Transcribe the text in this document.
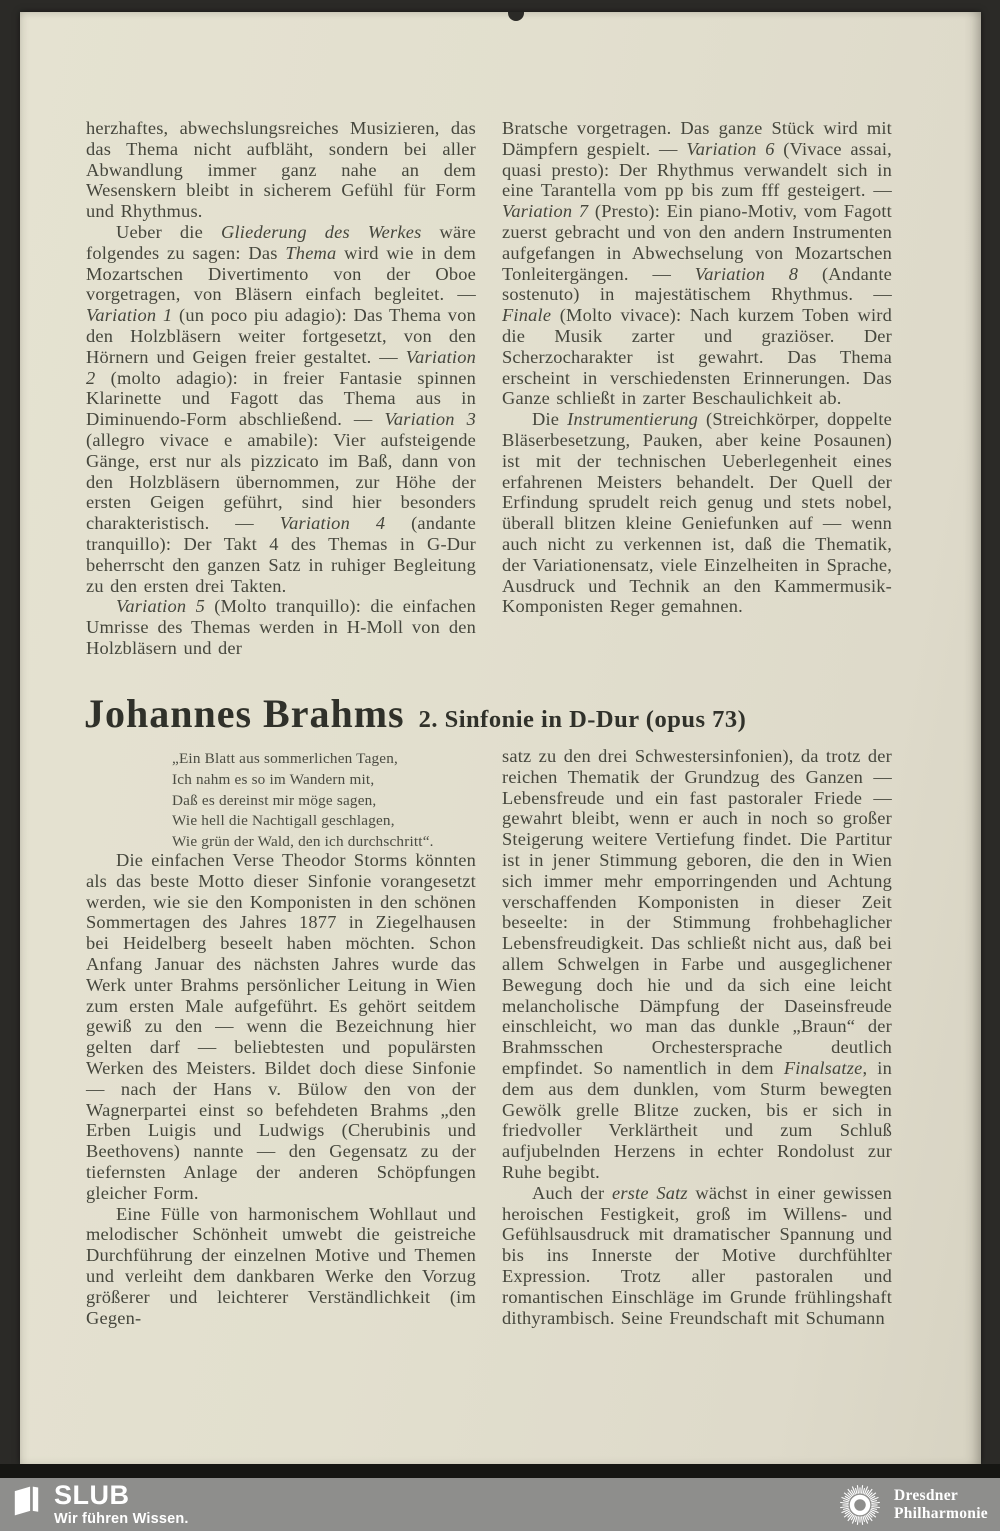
herzhaftes, abwechslungsreiches Musizieren, das das Thema nicht aufbläht, sondern bei aller Abwandlung immer ganz nahe an dem Wesenskern bleibt in sicherem Gefühl für Form und Rhythmus.

Ueber die Gliederung des Werkes wäre folgendes zu sagen: Das Thema wird wie in dem Mozartschen Divertimento von der Oboe vorgetragen, von Bläsern einfach begleitet. — Variation 1 (un poco piu adagio): Das Thema von den Holzbläsern weiter fortgesetzt, von den Hörnern und Geigen freier gestaltet. — Variation 2 (molto adagio): in freier Fantasie spinnen Klarinette und Fagott das Thema aus in Diminuendo-Form abschließend. — Variation 3 (allegro vivace e amabile): Vier aufsteigende Gänge, erst nur als pizzicato im Baß, dann von den Holzbläsern übernommen, zur Höhe der ersten Geigen geführt, sind hier besonders charakteristisch. — Variation 4 (andante tranquillo): Der Takt 4 des Themas in G-Dur beherrscht den ganzen Satz in ruhiger Begleitung zu den ersten drei Takten.

Variation 5 (Molto tranquillo): die einfachen Umrisse des Themas werden in H-Moll von den Holzbläsern und der

Bratsche vorgetragen. Das ganze Stück wird mit Dämpfern gespielt. — Variation 6 (Vivace assai, quasi presto): Der Rhythmus verwandelt sich in eine Tarantella vom pp bis zum fff gesteigert. — Variation 7 (Presto): Ein piano-Motiv, vom Fagott zuerst gebracht und von den andern Instrumenten aufgefangen in Abwechselung von Mozartschen Tonleitergängen. — Variation 8 (Andante sostenuto) in majestätischem Rhythmus. — Finale (Molto vivace): Nach kurzem Toben wird die Musik zarter und graziöser. Der Scherzocharakter ist gewahrt. Das Thema erscheint in verschiedensten Erinnerungen. Das Ganze schließt in zarter Beschaulichkeit ab.

Die Instrumentierung (Streichkörper, doppelte Bläserbesetzung, Pauken, aber keine Posaunen) ist mit der technischen Ueberlegenheit eines erfahrenen Meisters behandelt. Der Quell der Erfindung sprudelt reich genug und stets nobel, überall blitzen kleine Geniefunken auf — wenn auch nicht zu verkennen ist, daß die Thematik, der Variationensatz, viele Einzelheiten in Sprache, Ausdruck und Technik an den Kammermusik-Komponisten Reger gemahnen.

Johannes Brahms 2. Sinfonie in D-Dur (opus 73)
„Ein Blatt aus sommerlichen Tagen,
Ich nahm es so im Wandern mit,
Daß es dereinst mir möge sagen,
Wie hell die Nachtigall geschlagen,
Wie grün der Wald, den ich durchschritt“.

Die einfachen Verse Theodor Storms könnten als das beste Motto dieser Sinfonie vorangesetzt werden, wie sie den Komponisten in den schönen Sommertagen des Jahres 1877 in Ziegelhausen bei Heidelberg beseelt haben möchten. Schon Anfang Januar des nächsten Jahres wurde das Werk unter Brahms persönlicher Leitung in Wien zum ersten Male aufgeführt. Es gehört seitdem gewiß zu den — wenn die Bezeichnung hier gelten darf — beliebtesten und populärsten Werken des Meisters. Bildet doch diese Sinfonie — nach der Hans v. Bülow den von der Wagnerpartei einst so befehdeten Brahms „den Erben Luigis und Ludwigs (Cherubinis und Beethovens) nannte — den Gegensatz zu der tiefernsten Anlage der anderen Schöpfungen gleicher Form.

Eine Fülle von harmonischem Wohllaut und melodischer Schönheit umwebt die geistreiche Durchführung der einzelnen Motive und Themen und verleiht dem dankbaren Werke den Vorzug größerer und leichterer Verständlichkeit (im Gegen-

satz zu den drei Schwestersinfonien), da trotz der reichen Thematik der Grundzug des Ganzen — Lebensfreude und ein fast pastoraler Friede — gewahrt bleibt, wenn er auch in noch so großer Steigerung weitere Vertiefung findet. Die Partitur ist in jener Stimmung geboren, die den in Wien sich immer mehr emporringenden und Achtung verschaffenden Komponisten in dieser Zeit beseelte: in der Stimmung frohbehaglicher Lebensfreudigkeit. Das schließt nicht aus, daß bei allem Schwelgen in Farbe und ausgeglichener Bewegung doch hie und da sich eine leicht melancholische Dämpfung der Daseinsfreude einschleicht, wo man das dunkle „Braun“ der Brahmsschen Orchestersprache deutlich empfindet. So namentlich in dem Finalsatze, in dem aus dem dunklen, vom Sturm bewegten Gewölk grelle Blitze zucken, bis er sich in friedvoller Verklärtheit und zum Schluß aufjubelnden Herzens in echter Rondolust zur Ruhe begibt.

Auch der erste Satz wächst in einer gewissen heroischen Festigkeit, groß im Willens- und Gefühlsausdruck mit dramatischer Spannung und bis ins Innerste der Motive durchfühlter Expression. Trotz aller pastoralen und romantischen Einschläge im Grunde frühlingshaft dithyrambisch. Seine Freundschaft mit Schumann

SLUB
Wir führen Wissen.
Dresdner
Philharmonie
